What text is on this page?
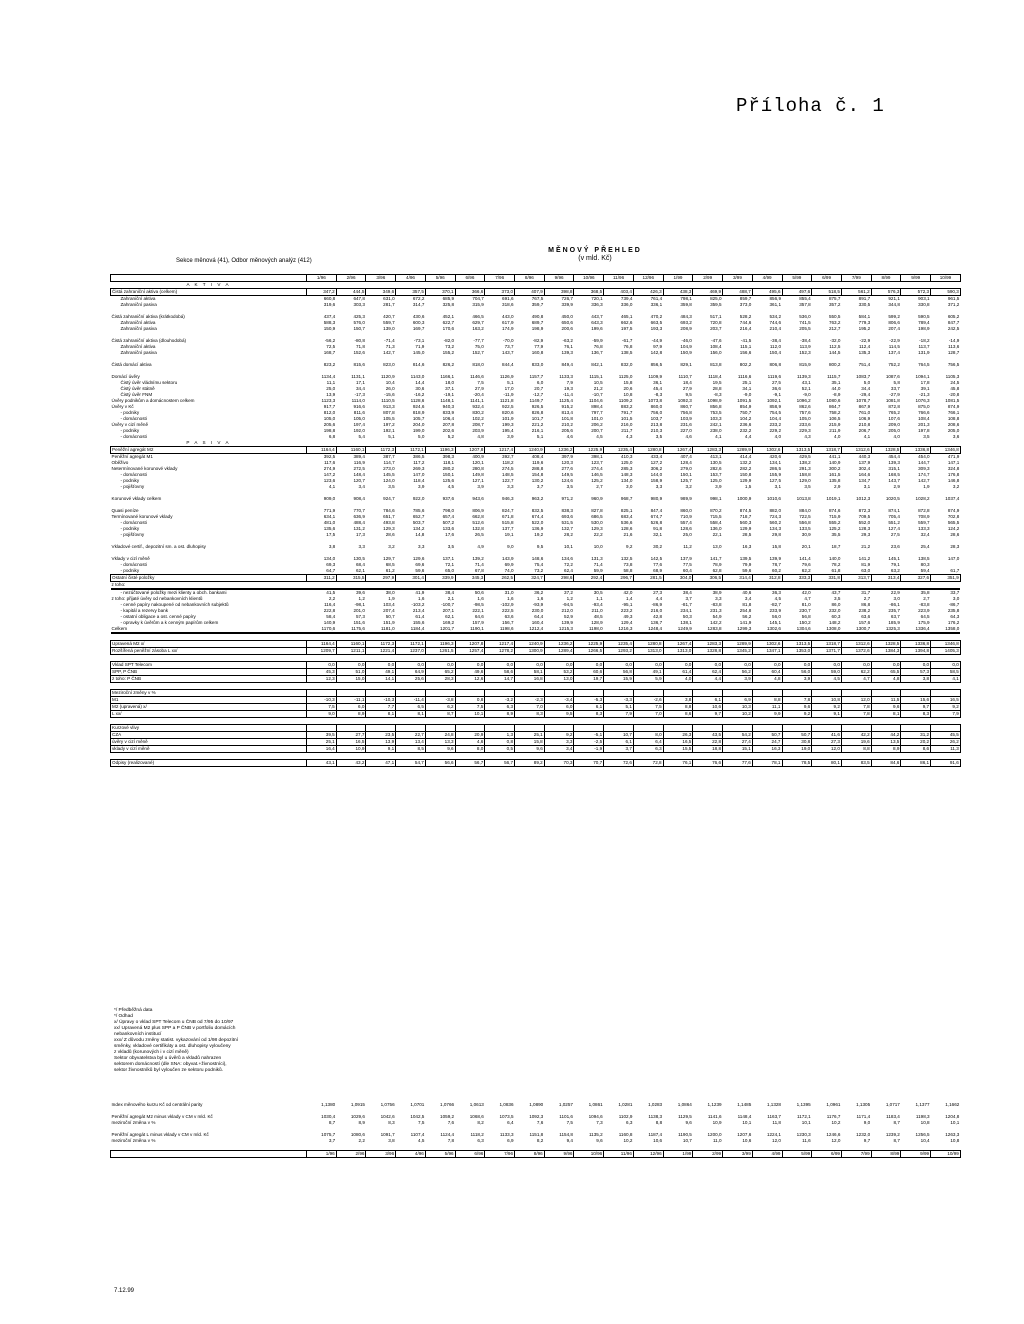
Příloha č. 1
Sekce měnová (41), Odbor měnových analýz (412)
MĚNOVÝ PŘEHLED
(v mld. Kč)
	1/96	2/96	3/96	4/96	5/96	6/96	7/96	8/96	9/96	10/96	11/96	12/96	1/99	2/99	3/99	4/99	5/99	6/99	7/99	8/99	9/99	10/99
A K T I V A																						
Čistá zahraniční aktiva (celkem)	347,2	444,5	349,6	357,5	370,1	366,6	373,0	407,9	398,8	368,5	403,4	426,3	438,3	469,9	488,7	495,6	497,6	518,5	561,2	576,3	572,3	590,3
Zahraniční aktiva	660,8	647,8	631,0	672,2	685,9	704,7	691,6	767,5	726,7	720,1	739,4	761,4	798,1	825,0	859,7	856,9	855,4	875,7	891,7	921,1	903,1	961,5
Zahraniční pasiva	319,6	303,3	281,7	314,7	325,8	315,9	318,6	359,7	339,9	336,3	336,0	336,1	359,8	359,5	373,0	361,1	357,8	357,2	330,5	344,8	330,8	371,2

Čistá zahraniční aktiva (krátkodobá)	437,4	425,3	420,7	430,6	452,1	466,5	443,0	490,8	450,0	443,7	465,1	470,2	484,3	517,1	528,2	534,2	536,0	550,5	584,1	599,2	590,5	605,2
Zahraniční aktiva	588,3	576,0	559,7	600,3	622,7	629,7	617,9	689,7	650,6	643,3	662,6	663,5	693,2	720,8	744,6	744,6	741,5	763,2	779,3	806,6	789,4	847,7
Zahraniční pasiva	150,9	150,7	139,0	169,7	170,6	163,2	174,9	198,9	200,6	199,6	197,5	193,3	208,9	203,7	216,4	210,4	205,5	212,7	195,2	207,4	198,9	242,5

Čistá zahraniční aktiva (dlouhodobá)	-56,2	-80,8	-71,4	-73,1	-82,0	-77,7	-70,0	-82,9	-63,2	-59,9	-61,7	-44,9	-46,0	-47,6	-41,5	-38,4	-38,4	-32,0	-22,9	-22,9	-18,2	-14,9
Zahraniční aktiva	72,5	71,8	71,3	71,9	73,2	75,0	73,7	77,9	76,1	76,8	76,8	97,9	104,9	108,4	115,1	112,0	113,9	112,5	112,4	114,5	113,7	113,6
Zahraniční pasiva	168,7	152,6	142,7	145,0	155,2	152,7	143,7	160,8	139,3	136,7	138,5	142,8	150,9	156,0	156,6	150,4	152,3	144,5	135,3	137,4	131,9	128,7

Čistá domácí aktiva	823,2	815,6	823,0	814,6	826,2	818,0	844,4	833,0	849,4	842,1	832,0	856,5	829,1	813,8	802,2	806,8	815,9	800,2	751,4	752,2	764,5	756,5

Domácí úvěry	1134,4	1131,1	1120,9	1143,0	1166,1	1146,6	1126,9	1157,7	1133,3	1115,1	1125,0	1109,9	1110,7	1118,4	1116,6	1119,6	1139,3	1115,7	1083,7	1087,6	1094,1	1105,3
Čistý úvěr vládnímu sektoru	11,1	17,1	10,4	14,4	18,0	7,5	5,1	6,0	7,9	10,5	15,8	36,1	18,4	19,5	25,1	27,5	43,1	35,1	5,0	5,8	17,8	24,5
Čistý úvěr státně	25,0	34,4	26,0	30,6	37,1	27,9	17,0	20,7	19,3	21,2	20,6	45,4	27,9	28,8	34,1	36,6	52,1	44,0	34,4	33,7	39,1	45,8
Čistý úvěr FNM	13,9	-17,3	-15,6	-16,2	-19,1	-20,4	-11,9	-12,7	-11,4	-10,7	10,8	-8,3	9,5	-8,3	-9,0	-9,1	-9,0	-8,9	-29,4	-27,9	-21,3	-20,8
Úvěry podnikům a domácnostem celkem	1123,3	1114,0	1110,5	1128,6	1148,1	1141,1	1121,8	1149,7	1125,4	1104,6	1109,2	1073,8	1092,3	1098,9	1091,5	1092,1	1096,2	1080,6	1078,7	1081,8	1076,3	1081,5
Úvěry v Kč	917,7	916,6	913,3	924,6	940,3	932,4	922,5	926,5	915,2	898,4	883,2	860,0	860,7	856,8	854,9	858,9	862,6	864,7	867,9	872,8	875,0	874,9
- podniky	812,0	811,6	807,8	818,9	833,9	830,2	820,6	826,8	813,4	797,7	791,7	756,0	756,8	753,5	750,7	754,5	757,6	758,2	761,0	765,2	766,6	766,1
- domácnosti	105,0	105,0	105,5	105,7	106,4	102,2	101,9	101,7	101,8	101,0	101,5	103,7	103,9	103,3	104,2	104,4	105,0	106,5	106,9	107,6	108,4	108,8
Úvěry v cizí měně	205,6	197,4	197,2	204,0	207,8	208,7	199,3	221,2	210,2	206,2	216,0	213,8	231,6	242,1	236,6	233,2	233,6	215,9	210,8	209,0	201,3	208,6
- podniky	198,8	192,0	192,1	199,0	202,6	203,9	195,4	216,1	205,6	200,7	211,7	210,3	227,0	238,0	232,2	229,2	229,3	211,9	206,7	205,0	197,8	205,0
- domácnosti	6,8	5,4	5,1	5,0	5,2	4,8	3,9	5,1	4,6	4,5	4,3	3,5	4,6	4,1	4,4	4,0	4,3	4,0	4,1	4,0	3,5	3,6
P A S I V A																						
Peněžní agregát M2	1164,4	1160,1	1172,3	1172,1	1196,3	1207,8	1217,4	1240,9	1236,2	1225,9	1235,4	1280,8	1267,4	1283,3	1289,9	1302,6	1313,5	1318,7	1312,6	1328,5	1336,8	1346,8
Peněžní agregát M1	392,5	389,4	387,7	386,5	398,3	400,9	392,7	408,4	397,9	398,1	410,3	433,4	407,4	413,1	414,4	420,6	429,5	441,1	440,3	454,4	454,0	471,9
Oběživo	117,6	116,9	114,7	117,2	118,1	120,1	118,2	119,6	120,3	123,7	125,0	127,2	128,4	130,5	132,2	134,1	138,2	140,9	137,9	139,3	144,7	147,1
Netermínované korunové vklady	274,9	272,5	273,0	269,3	280,2	280,8	274,5	288,8	277,6	274,4	285,3	306,2	279,0	282,6	282,2	286,5	291,3	300,2	302,4	315,1	309,3	324,8
- domácnosti	147,2	148,4	145,5	147,0	150,1	149,8	148,5	154,8	149,5	146,5	148,3	144,0	150,1	153,7	150,8	155,9	158,8	161,5	164,6	168,5	174,7	176,8
- podniky	123,6	120,7	124,0	118,4	125,6	127,1	122,7	130,2	124,6	125,2	134,0	158,9	125,7	125,0	129,9	127,5	129,0	135,8	134,7	143,7	142,7	146,8
- pojišťovny	4,1	3,4	3,5	3,9	4,5	3,9	3,3	3,7	3,5	2,7	3,0	3,3	3,2	3,9	1,5	3,1	3,5	2,9	3,1	2,9	1,9	3,2

Korunové vklady celkem	909,0	908,4	924,7	922,0	937,6	943,6	946,3	963,2	971,2	960,9	968,7	980,9	989,9	998,1	1000,9	1010,6	1013,8	1019,1	1012,3	1020,5	1028,2	1037,4

Quasi peníze	771,9	770,7	784,6	785,6	798,0	806,9	824,7	832,5	838,3	827,8	825,1	847,4	860,0	870,2	874,5	882,0	884,0	874,6	872,3	874,1	872,8	874,9
Termínované korunové vklady	634,1	636,9	651,7	652,7	657,4	662,8	671,8	674,4	693,6	686,5	683,4	674,7	710,9	715,5	718,7	724,3	722,5	715,9	709,5	705,4	708,9	702,8
- domácnosti	481,0	488,4	493,8	503,7	507,2	512,6	515,8	522,0	531,5	530,0	536,6	526,8	557,4	558,4	560,3	560,2	556,8	555,2	552,0	551,2	559,7	565,5
- podniky	135,6	131,2	129,3	134,2	133,6	132,8	137,7	136,9	132,7	129,3	128,6	91,8	128,6	136,0	129,9	134,3	133,5	125,2	128,3	127,4	133,3	124,2
- pojišťovny	17,5	17,3	28,6	14,8	17,6	26,5	19,1	19,2	28,2	22,2	21,6	32,1	25,0	22,1	28,5	29,8	30,9	35,5	29,3	27,5	32,4	28,6

Vkladové certif., depozitní sm. a ost. dluhopisy	3,8	3,3	3,2	3,3	3,5	4,9	9,0	9,5	10,1	10,0	9,2	30,2	11,2	13,0	16,3	15,8	20,1	18,7	21,2	23,6	25,4	28,3

Vklady v cizí měně	134,0	130,5	129,7	129,6	137,1	139,2	143,9	148,6	134,6	131,3	132,5	142,5	137,9	141,7	139,5	139,9	141,4	140,0	141,2	145,1	138,5	147,0
- domácnosti	69,3	68,4	68,5	69,6	72,1	71,4	69,9	75,4	72,2	71,4	73,8	77,6	77,5	78,9	79,9	78,7	79,6	78,2	81,9	79,1	80,3	
- podniky	64,7	62,1	61,2	59,6	65,0	67,8	74,0	73,2	62,4	59,9	58,8	68,9	60,4	62,8	59,6	60,2	62,2	61,8	63,0	63,2	59,4	61,7
Ostatní čisté položky	311,2	315,5	297,9	301,4	339,9	345,3	262,5	324,7	298,6	292,4	296,7	281,5	304,0	306,5	314,4	312,8	333,3	331,8	313,7	313,4	327,6	351,9
z toho:																						
- nezúčtované položky mezi klienty a obch. bankami	41,5	39,6	38,0	41,9	38,4	50,6	31,0	36,2	37,2	30,5	42,0	27,3	38,4	38,9	40,6	36,3	42,0	43,7	31,7	22,9	35,8	33,7
z toho: přijaté úvěry od nebankovních klientů	2,2	1,2	1,9	1,6	2,1	1,6	1,6	1,6	1,2	1,1	1,4	4,4	3,7	3,3	3,4	4,5	4,7	3,5	2,7	3,0	2,7	3,0
- cenné papíry nakoupené od nebankovních subjektů	116,4	-98,1	103,4	-103,2	-100,7	-98,5	-102,9	-93,9	-94,5	-93,4	-95,1	-86,9	-81,7	-83,8	81,8	-82,7	81,0	86,0	86,8	-86,1	-83,8	-86,7
- kapitál a rezervy bank	222,8	201,0	207,4	213,4	207,1	222,1	222,5	230,0	212,0	211,0	223,2	216,0	234,1	231,3	254,8	233,9	230,7	232,0	238,2	235,7	223,9	235,8
- ostatní obligace a ost. cenné papíry	58,4	57,3	50,7	61,4	62,1	64,6	63,6	64,4	52,9	48,5	49,3	42,8	50,3	54,9	56,2	56,0	56,8	60,3	63,6	63,7	64,5	64,3
- opravky k úvěrům a k cenným papírům celkem	140,9	151,6	151,9	155,6	169,2	157,9	156,7	160,4	139,9	128,9	129,4	136,7	138,1	142,2	141,9	145,1	150,2	148,2	157,6	185,9	175,9	176,2
Celkem	1170,6	1175,6	1181,0	1184,4	1201,7	1190,1	1198,6	1212,4	1215,3	1198,0	1216,3	1248,4	1249,9	1283,8	1299,3	1302,6	1304,6	1308,0	1300,7	1325,3	1336,4	1358,0

Upravená M2 x/	1164,4	1160,1	1172,3	1172,1	1196,3	1207,8	1217,4	1240,9	1236,2	1225,9	1235,4	1280,8	1267,4	1283,3	1289,9	1302,6	1313,5	1318,7	1312,6	1328,5	1336,8	1346,8
Rozšířená peněžní zásoba L xx/	1209,7	1211,1	1221,4	1237,0	1261,5	1257,4	1278,2	1300,9	1289,4	1266,5	1293,2	1313,0	1313,0	1328,8	1345,2	1347,1	1353,0	1371,7	1372,6	1384,3	1394,8	1405,3

Vklad SPT Telecom	0,0	0,0	0,0	0,0	0,0	0,0	0,0	0,0	0,0	0,0	0,0	0,0	0,0	0,0	0,0	0,0	0,0	0,0	0,0	0,0	0,0	0,0
SPP, P ČNB	45,3	51,0	49,1	64,9	65,2	49,6	58,6	58,1	53,2	60,6	56,8	49,1	61,4	62,4	56,2	60,4	56,0	59,0	62,2	65,5	57,3	58,5
z toho: P ČNB	12,3	15,0	14,1	25,6	28,3	12,6	14,7	16,8	13,0	19,7	15,9	5,9	4,0	4,4	3,9	4,8	3,9	4,5	4,7	4,8	3,8	4,1

Meziroční změny v %																						
M1	-10,3	-11,1	-10,3	-11,4	-3,8	0,8	-3,2	-2,3	-3,4	-5,3	-3,3	-2,6	3,8	6,1	6,9	8,8	7,8	10,8	12,0	11,5	15,6	16,5
M2 (upravená) x/	7,5	6,0	7,7	6,5	6,2	7,5	6,3	7,0	6,0	6,1	5,1	7,5	8,8	10,6	10,3	11,1	9,6	9,2	7,8	9,6	9,7	9,2
L xx/	9,0	8,9	8,1	8,1	8,7	10,1	8,9	8,3	9,5	8,3	7,9	7,0	8,6	9,7	10,2	9,9	9,2	9,1	7,8	8,1	8,3	7,9

Kurzové vlivy																						
CZA	39,5	27,7	23,5	22,7	24,8	20,9	1,3	25,1	9,2	-5,1	10,7	8,0	26,3	43,5	54,2	50,7	50,7	41,6	42,2	44,2	31,2	45,5
úvěry v cizí měně	25,1	16,5	13,9	13,4	13,3	4,6	0,8	15,8	3,3	-2,5	6,1	6,4	16,5	22,8	27,4	24,7	30,8	27,3	19,6	13,5	20,2	26,2
vklady v cizí měně	16,4	10,9	9,1	8,5	9,6	8,0	0,5	9,6	3,4	-1,9	3,7	6,3	15,5	18,8	15,1	16,3	19,0	12,0	8,8	8,9	8,6	11,3

Odpisy (realizované)	43,1	43,2	47,1	54,7	56,6	56,7	56,7	89,2	70,3	70,7	72,6	72,8	76,1	76,6	77,6	78,1	78,5	80,1	83,5	84,6	86,1	91,6
*/ Předběžná data
*/ Odhad
x/ Úpravy o vklad SPT Telecom u ČNB od 7/95 do 10/97
xx/ Upravená M2 plus SPP a P ČNB v portfoliu domácích
nebankovních institucí
xxx/ Z důvodu změny statist. vykazování od 1/98 depozitní
směnky, vkladové certifikáty a ost. dluhopisy vyloučeny
z vkladů (korunových i v cizí měně)
Sektor obyvatelstva byl u úvěrů a vkladů nahrazen
sektorem domácností (dle SNA: obyvat.+živnostníci),
sektor živnostníků byl vyloučen ze sektoru podniků.
Index měnového kurzu Kč od centrální parity	1,1380	1,0915	1,0756	1,0701	1,0766	1,0613	1,0836	1,0890	1,0257	1,0861	1,0281	1,0283	1,0864	1,1239	1,1485	1,1328	1,1395	1,0961	1,1305	1,0717	1,1377	1,1662

Peněžní agregát M2 minus vklady v CM v mld. Kč	1030,4	1029,6	1042,6	1042,5	1059,2	1068,6	1073,5	1092,3	1101,6	1094,6	1102,9	1138,3	1129,5	1141,6	1148,4	1163,7	1172,1	1176,7	1171,4	1183,4	1198,3	1204,8
meziroční změna v %	8,7	8,9	8,3	7,5	7,6	8,2	6,4	7,6	7,5	7,3	6,3	8,8	9,6	10,9	10,1	11,8	10,1	10,2	9,0	8,7	10,8	10,1

Peněžní agregát L minus vklady v CM v mld. Kč	1075,7	1080,6	1091,7	1107,4	1124,4	1118,2	1133,3	1151,8	1154,8	1135,2	1160,8	1187,4	1190,5	1200,0	1207,6	1224,1	1230,3	1246,6	1232,0	1239,2	1256,5	1263,3
meziroční změna v %	3,7	2,2	3,8	4,5	7,8	6,3	6,9	8,2	9,4	9,6	10,2	10,6	10,7	11,0	10,6	12,0	11,6	12,0	9,7	8,7	10,4	10,8

	1/96	2/96	3/96	4/96	5/96	6/96	7/96	8/96	9/96	10/96	11/96	12/96	1/99	2/99	3/99	4/99	5/99	6/99	7/99	8/99	9/99	10/99
7.12.99
